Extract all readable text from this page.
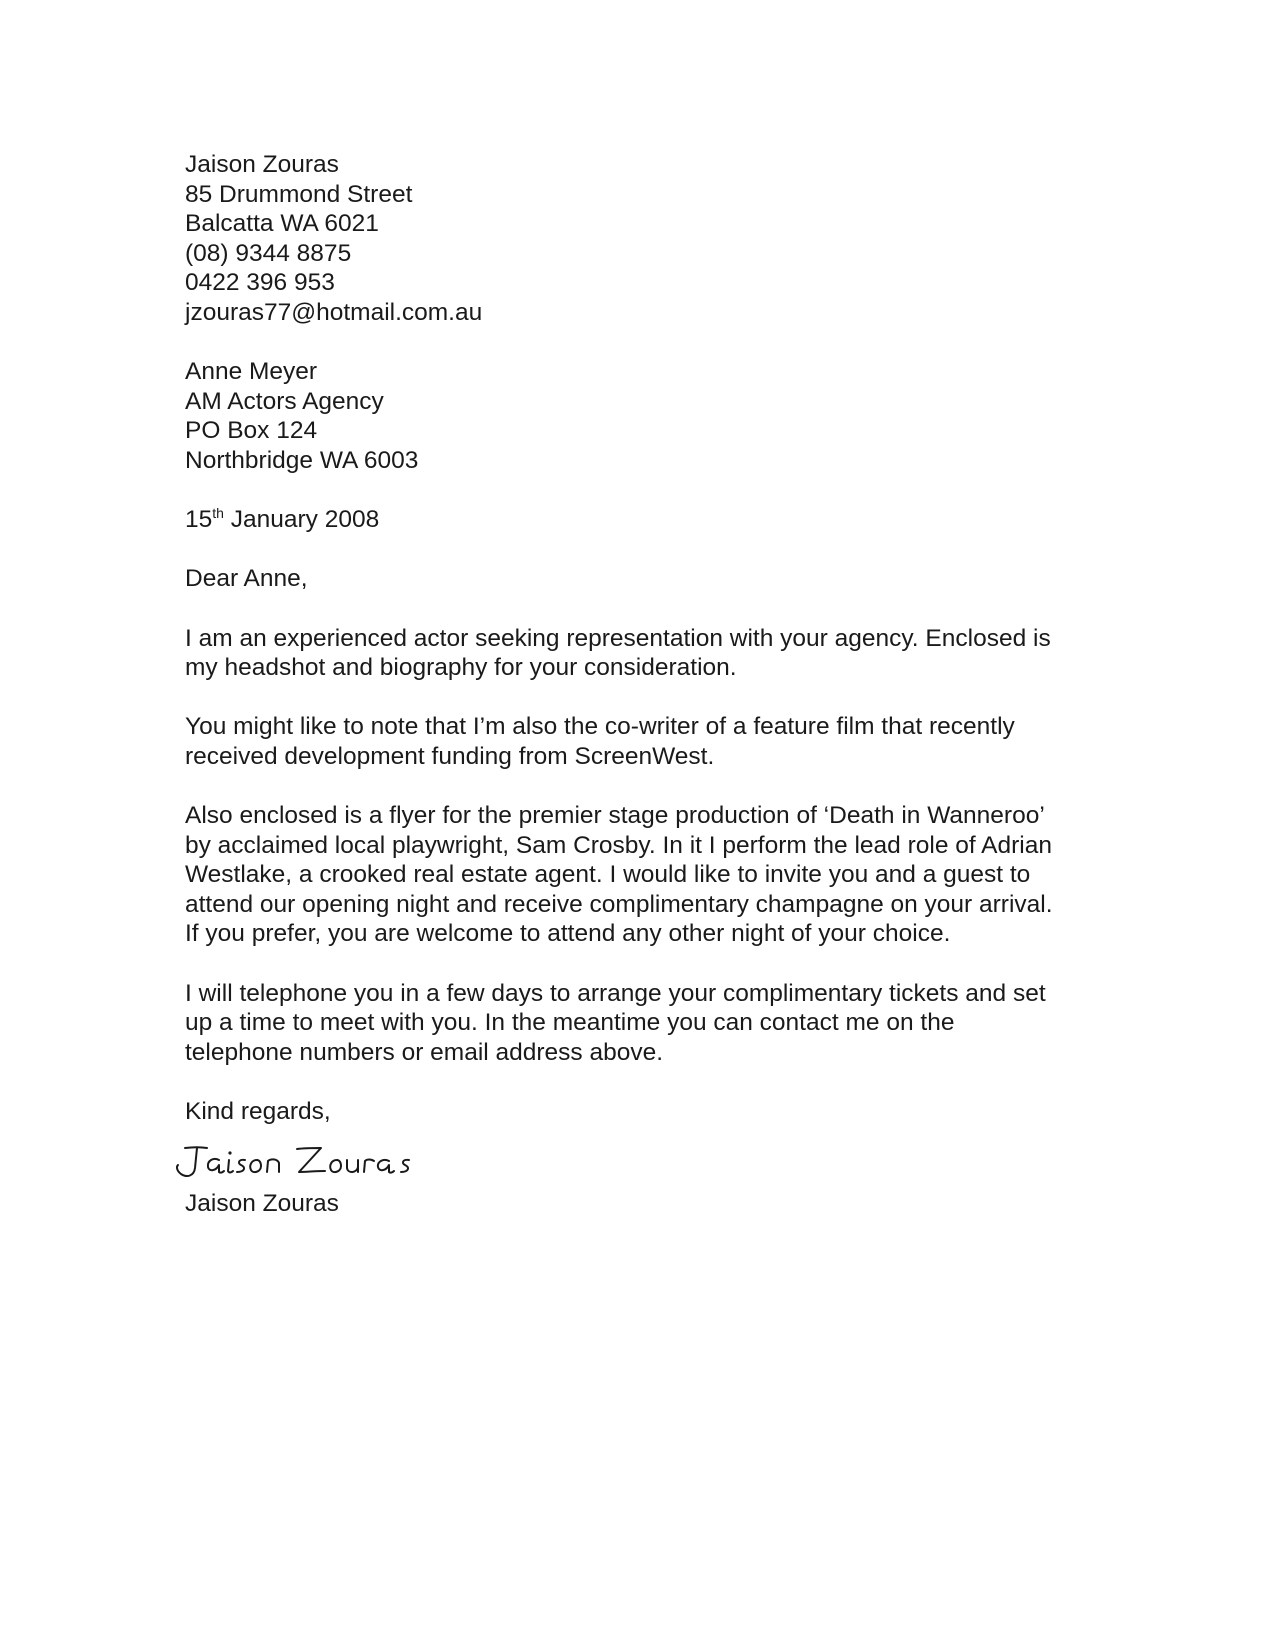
Jaison Zouras
85 Drummond Street
Balcatta WA 6021
(08) 9344 8875
0422 396 953
jzouras77@hotmail.com.au
Anne Meyer
AM Actors Agency
PO Box 124
Northbridge WA 6003
15th January 2008
Dear Anne,
I am an experienced actor seeking representation with your agency. Enclosed is
my headshot and biography for your consideration.
You might like to note that I’m also the co-writer of a feature film that recently
received development funding from ScreenWest.
Also enclosed is a flyer for the premier stage production of ‘Death in Wanneroo’
by acclaimed local playwright, Sam Crosby. In it I perform the lead role of Adrian
Westlake, a crooked real estate agent. I would like to invite you and a guest to
attend our opening night and receive complimentary champagne on your arrival.
If you prefer, you are welcome to attend any other night of your choice.
I will telephone you in a few days to arrange your complimentary tickets and set
up a time to meet with you. In the meantime you can contact me on the
telephone numbers or email address above.
Kind regards,
Jaison Zouras
